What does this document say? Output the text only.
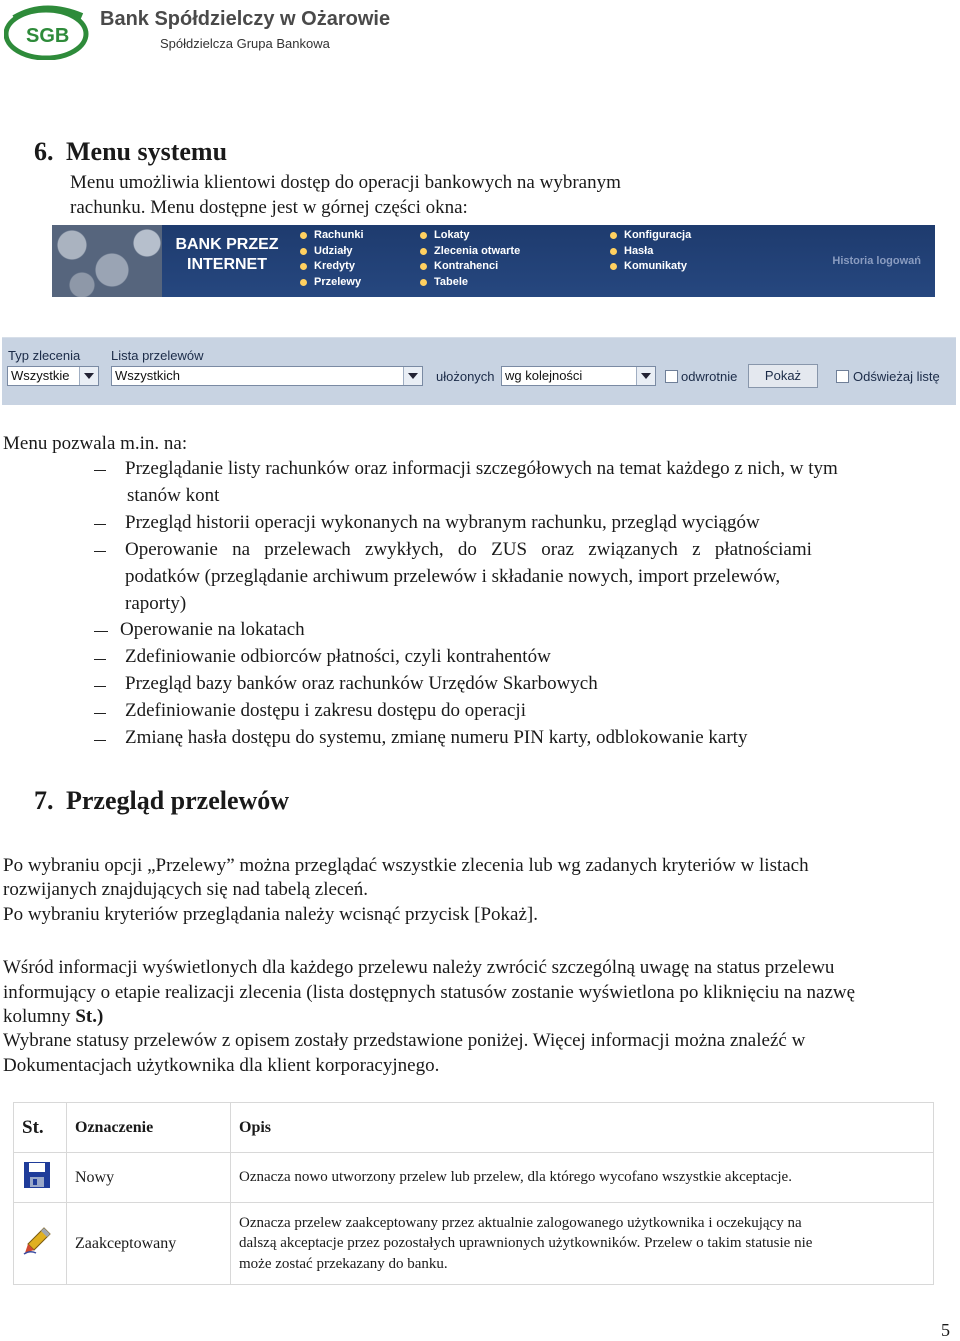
SGB
Bank Spółdzielczy w Ożarowie
Spółdzielcza Grupa Bankowa
6. Menu systemu
Menu umożliwia klientowi dostęp do operacji bankowych na wybranym
rachunku. Menu dostępne jest w górnej części okna:
BANK PRZEZ
INTERNET
Rachunki
Udziały
Kredyty
Przelewy
Lokaty
Zlecenia otwarte
Kontrahenci
Tabele
Konfiguracja
Hasła
Komunikaty	Historia logowań
Typ zlecenia
Wszystkie
Lista przelewów
Wszystkich	ułożonych wg kolejności	odwrotnie	Pokaż	Odświeżaj listę
Menu pozwala m.in. na:
Przeglądanie listy rachunków oraz informacji szczegółowych na temat każdego z nich, w tym
stanów kont
Przegląd historii operacji wykonanych na wybranym rachunku, przegląd wyciągów
Operowanie   na   przelewach   zwykłych,   do   ZUS   oraz   związanych   z   płatnościami
podatków (przeglądanie archiwum przelewów i składanie nowych, import przelewów,
raporty)
Operowanie na lokatach
Zdefiniowanie odbiorców płatności, czyli kontrahentów
Przegląd bazy banków oraz rachunków Urzędów Skarbowych
Zdefiniowanie dostępu i zakresu dostępu do operacji
Zmianę hasła dostępu do systemu, zmianę numeru PIN karty, odblokowanie karty
7. Przegląd przelewów
Po wybraniu opcji „Przelewy” można przeglądać wszystkie zlecenia lub wg zadanych kryteriów w listach
rozwijanych znajdujących się nad tabelą zleceń.
Po wybraniu kryteriów przeglądania należy wcisnąć przycisk [Pokaż].
Wśród informacji wyświetlonych dla każdego przelewu należy zwrócić szczególną uwagę na status przelewu
informujący o etapie realizacji zlecenia (lista dostępnych statusów zostanie wyświetlona po kliknięciu na nazwę
kolumny St.)
Wybrane statusy przelewów z opisem zostały przedstawione poniżej. Więcej informacji można znaleźć w
Dokumentacjach użytkownika dla klient korporacyjnego.
St.	Oznaczenie	Opis
	Nowy	Oznacza nowo utworzony przelew lub przelew, dla którego wycofano wszystkie akceptacje.
	Zaakceptowany	Oznacza przelew zaakceptowany przez aktualnie zalogowanego użytkownika i oczekujący na
dalszą akceptacje przez pozostałych uprawnionych użytkowników. Przelew o takim statusie nie
może zostać przekazany do banku.
5
